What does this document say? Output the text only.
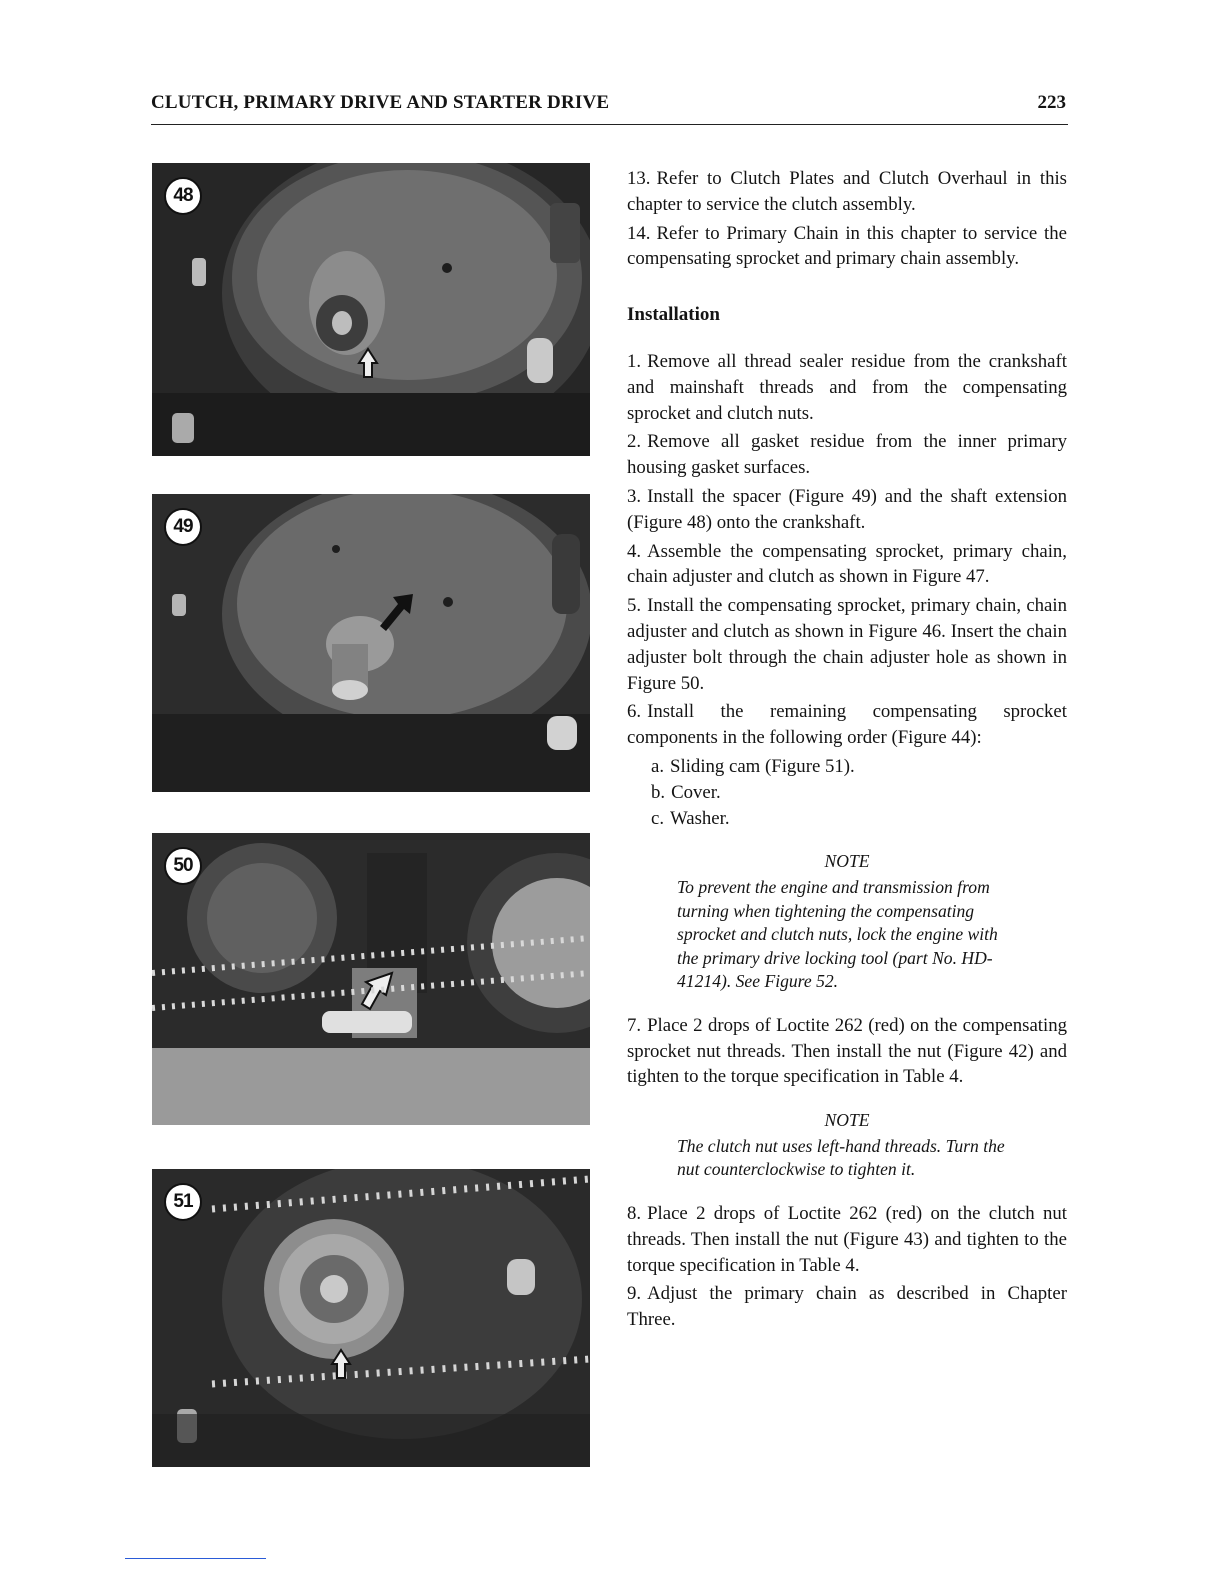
CLUTCH, PRIMARY DRIVE AND STARTER DRIVE	223
48
49
50
51

13. Refer to Clutch Plates and Clutch Overhaul in this chapter to service the clutch assembly.

14. Refer to Primary Chain in this chapter to service the compensating sprocket and primary chain assembly.

Installation

1. Remove all thread sealer residue from the crankshaft and mainshaft threads and from the compensating sprocket and clutch nuts.

2. Remove all gasket residue from the inner primary housing gasket surfaces.

3. Install the spacer (Figure 49) and the shaft extension (Figure 48) onto the crankshaft.

4. Assemble the compensating sprocket, primary chain, chain adjuster and clutch as shown in Figure 47.

5. Install the compensating sprocket, primary chain, chain adjuster and clutch as shown in Figure 46. Insert the chain adjuster bolt through the chain adjuster hole as shown in Figure 50.

6. Install the remaining compensating sprocket components in the following order (Figure 44):

a. Sliding cam (Figure 51).

b. Cover.

c. Washer.

NOTE
To prevent the engine and transmission from turning when tightening the compensating sprocket and clutch nuts, lock the engine with the primary drive locking tool (part No. HD-41214). See Figure 52.

7. Place 2 drops of Loctite 262 (red) on the compensating sprocket nut threads. Then install the nut (Figure 42) and tighten to the torque specification in Table 4.

NOTE
The clutch nut uses left-hand threads. Turn the nut counterclockwise to tighten it.

8. Place 2 drops of Loctite 262 (red) on the clutch nut threads. Then install the nut (Figure 43) and tighten to the torque specification in Table 4.

9. Adjust the primary chain as described in Chapter Three.
